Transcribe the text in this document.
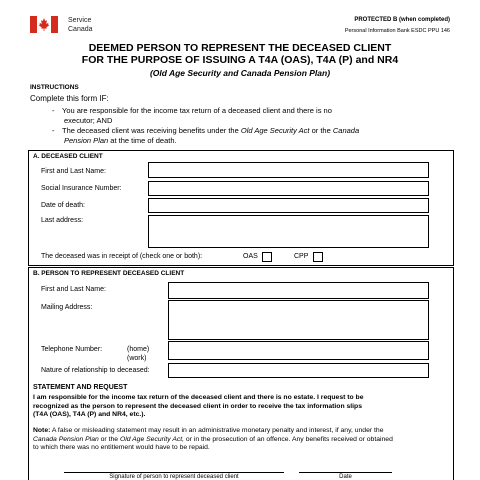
Service
Canada
PROTECTED B (when completed)
Personal Information Bank ESDC PPU 146
DEEMED PERSON TO REPRESENT THE DECEASED CLIENT
FOR THE PURPOSE OF ISSUING A T4A (OAS), T4A (P) and NR4
(Old Age Security and Canada Pension Plan)
INSTRUCTIONS
Complete this form IF:
- You are responsible for the income tax return of a deceased client and there is no
executor; AND
- The deceased client was receiving benefits under the Old Age Security Act or the Canada
Pension Plan at the time of death.
A. DECEASED CLIENT
First and Last Name:
Social Insurance Number:
Date of death:
Last address:
The deceased was in receipt of (check one or both):	OAS	CPP
B. PERSON TO REPRESENT DECEASED CLIENT
First and Last Name:
Mailing Address:
Telephone Number:	(home)
(work)
Nature of relationship to deceased:
STATEMENT AND REQUEST
I am responsible for the income tax return of the deceased client and there is no estate. I request to be
recognized as the person to represent the deceased client in order to receive the tax information slips
(T4A (OAS), T4A (P) and NR4, etc.).
Note: A false or misleading statement may result in an administrative monetary penalty and interest, if any, under the
Canada Pension Plan or the Old Age Security Act, or in the prosecution of an offence. Any benefits received or obtained
to which there was no entitlement would have to be repaid.
Signature of person to represent deceased client	Date
